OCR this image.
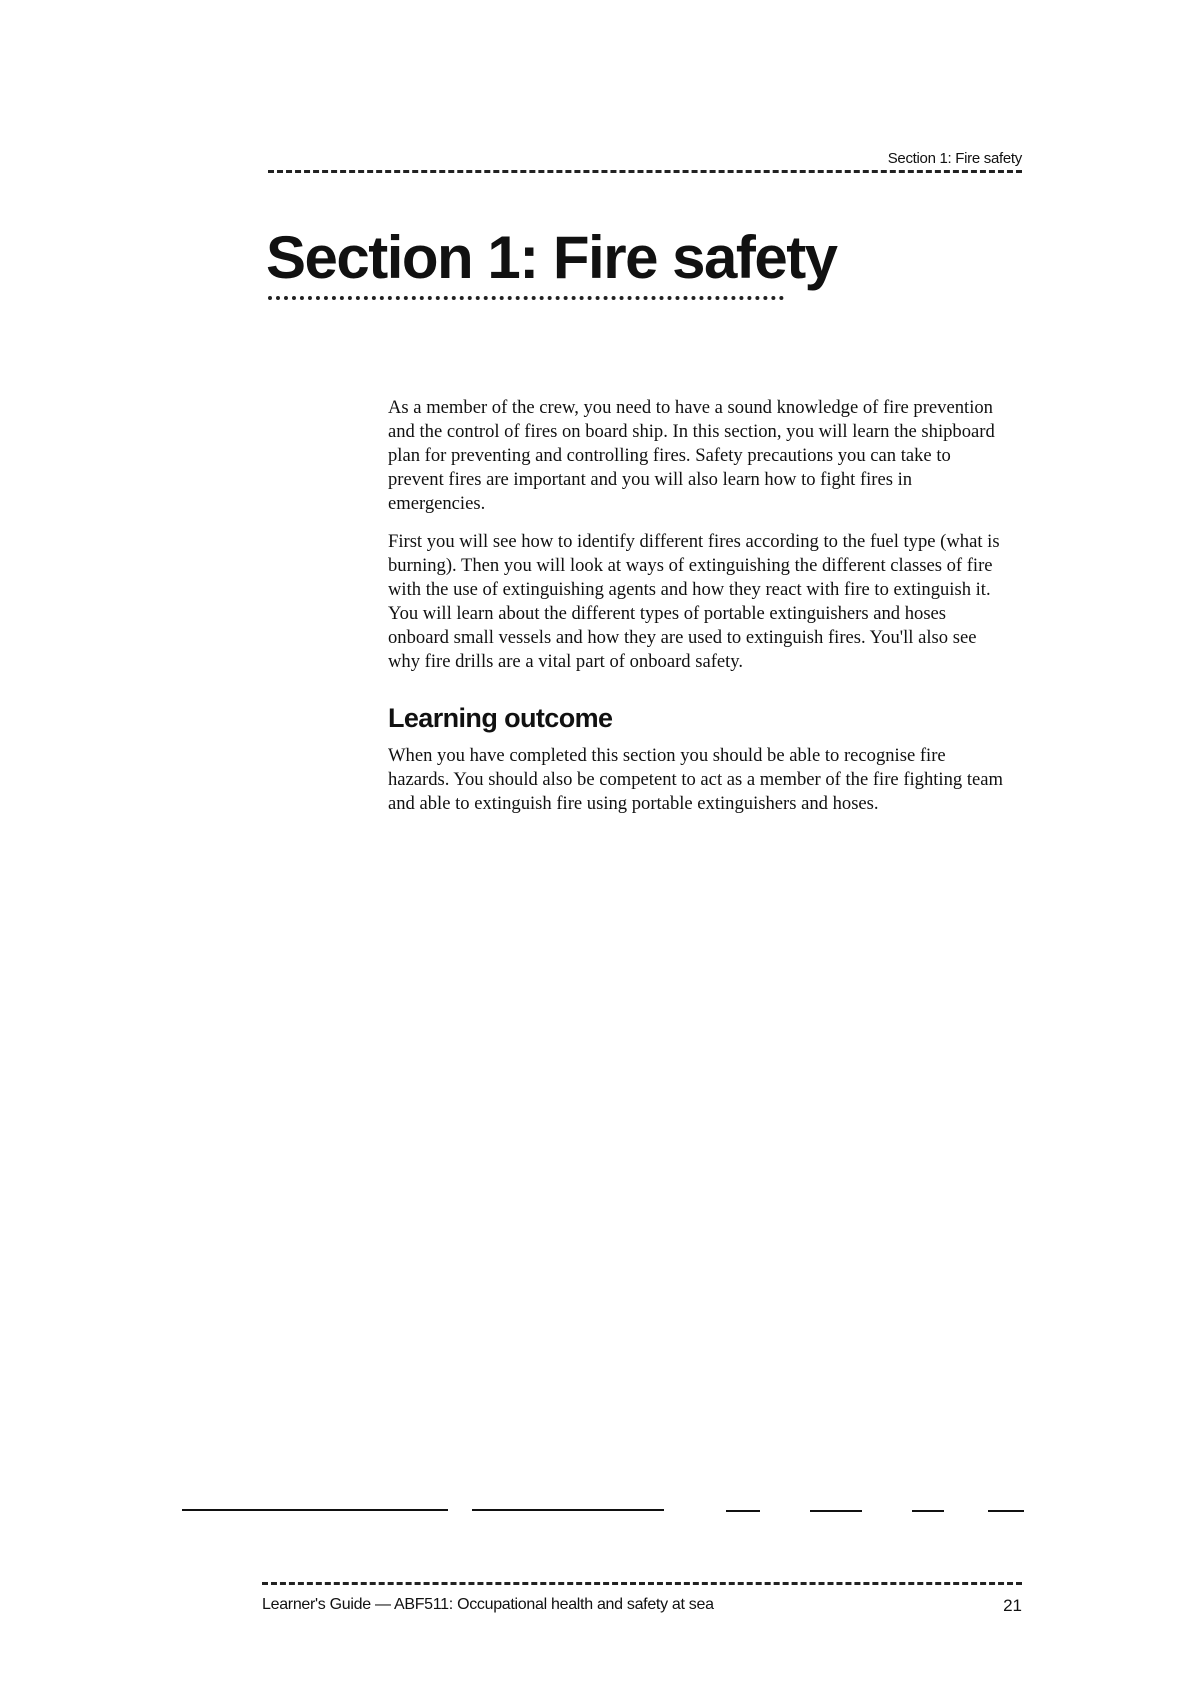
Section 1: Fire safety
Section 1: Fire safety

As a member of the crew, you need to have a sound knowledge of fire prevention and the control of fires on board ship. In this section, you will learn the shipboard plan for preventing and controlling fires. Safety precautions you can take to prevent fires are important and you will also learn how to fight fires in emergencies.

First you will see how to identify different fires according to the fuel type (what is burning). Then you will look at ways of extinguishing the different classes of fire with the use of extinguishing agents and how they react with fire to extinguish it. You will learn about the different types of portable extinguishers and hoses onboard small vessels and how they are used to extinguish fires. You'll also see why fire drills are a vital part of onboard safety.

Learning outcome

When you have completed this section you should be able to recognise fire hazards. You should also be competent to act as a member of the fire fighting team and able to extinguish fire using portable extinguishers and hoses.

Learner's Guide — ABF511: Occupational health and safety at sea	21
